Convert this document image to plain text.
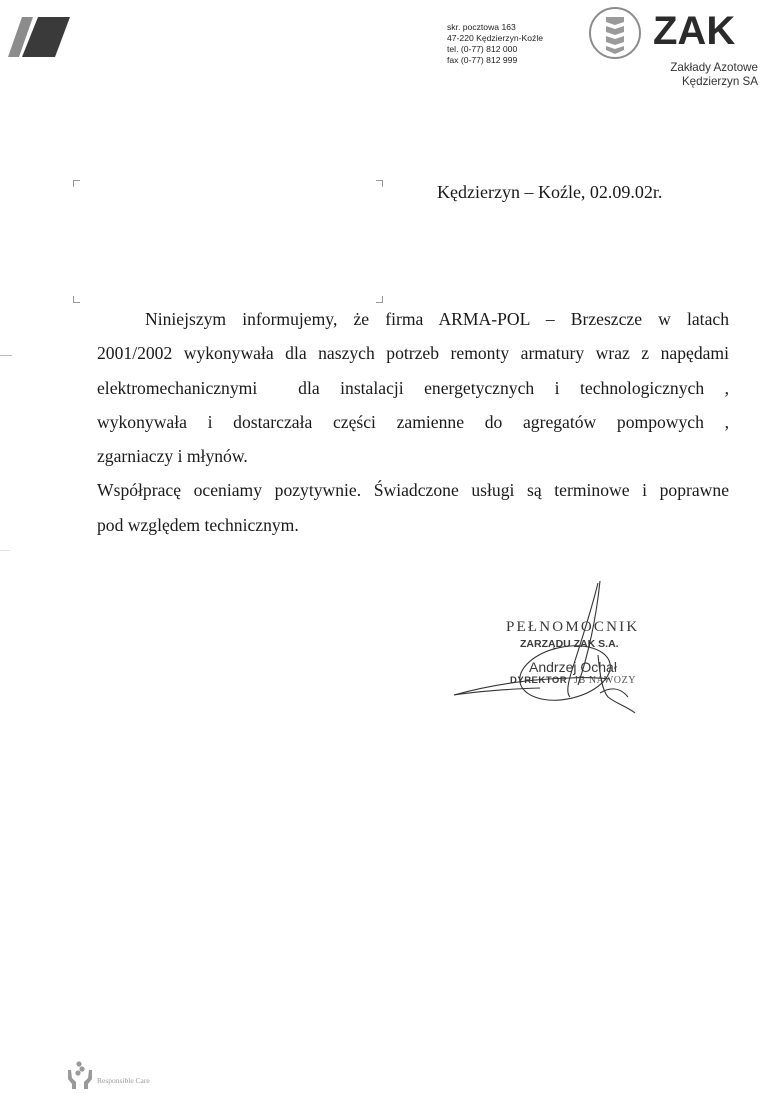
skr. pocztowa 163
47-220 Kędzierzyn-Koźle
tel. (0-77) 812 000
fax (0-77) 812 999
ZAK
Zakłady Azotowe
Kędzierzyn SA
Kędzierzyn – Koźle, 02.09.02r.

Niniejszym informujemy, że firma ARMA-POL – Brzeszcze w latach

2001/2002 wykonywała dla naszych potrzeb remonty armatury wraz z napędami

elektromechanicznymi  dla instalacji energetycznych i technologicznych ,

wykonywała i dostarczała części zamienne do agregatów pompowych ,

zgarniaczy i młynów.

Współpracę oceniamy pozytywnie. Świadczone usługi są terminowe i poprawne

pod względem technicznym.

PEŁNOMOCNIK
ZARZĄDU ZAK S.A.
Andrzej Ochał
DYREKTOR JB NAWOZY
Responsible Care
